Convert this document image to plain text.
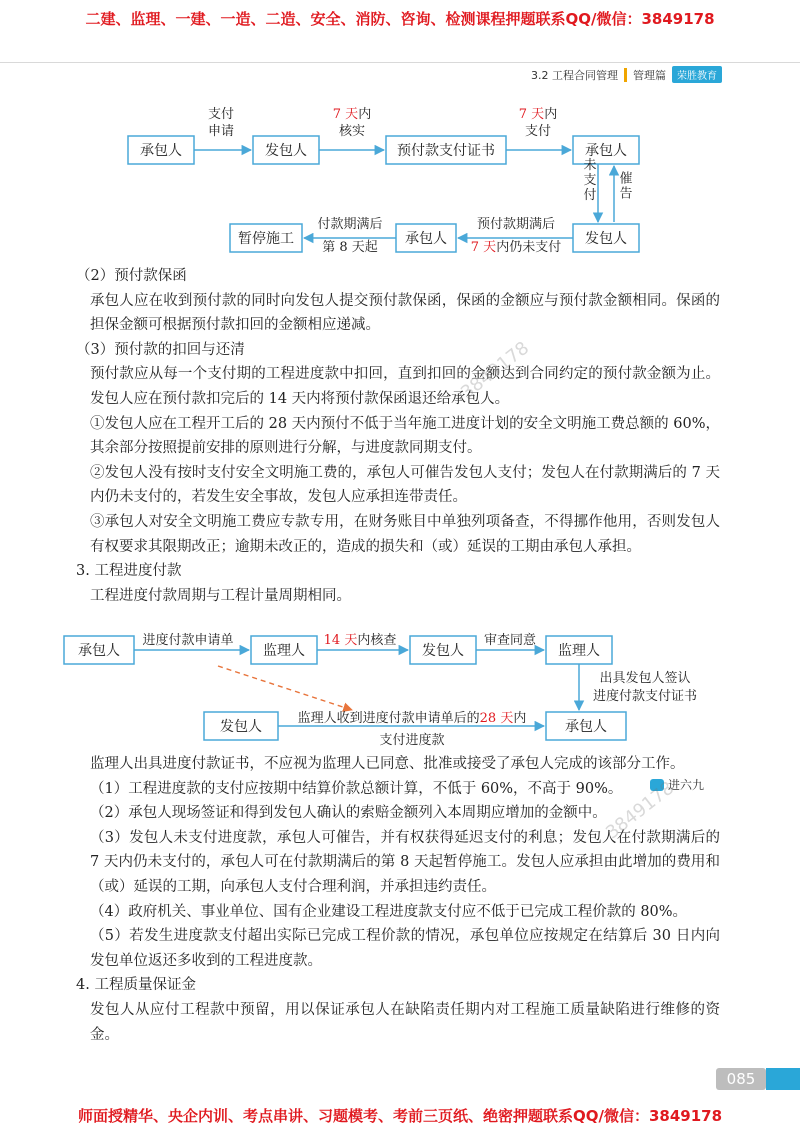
二建、监理、一建、一造、二造、安全、消防、咨询、检测课程押题联系QQ/微信：3849178
3.2 工程合同管理 管理篇	荣胜教育
承包人	发包人	预付款支付证书	承包人
发包人
承包人
暂停施工
支付
申请
7 天内
核实
7 天内
支付
未支付 催告
预付款期满后
7 天内仍未支付
付款期满后
第 8 天起

（2）预付款保函

承包人应在收到预付款的同时向发包人提交预付款保函，保函的金额应与预付款金额相同。保函的担保金额可根据预付款扣回的金额相应递减。

（3）预付款的扣回与还清

预付款应从每一个支付期的工程进度款中扣回，直到扣回的金额达到合同约定的预付款金额为止。发包人应在预付款扣完后的 14 天内将预付款保函退还给承包人。

①发包人应在工程开工后的 28 天内预付不低于当年施工进度计划的安全文明施工费总额的 60%，其余部分按照提前安排的原则进行分解，与进度款同期支付。

②发包人没有按时支付安全文明施工费的，承包人可催告发包人支付；发包人在付款期满后的 7 天内仍未支付的，若发生安全事故，发包人应承担连带责任。

③承包人对安全文明施工费应专款专用，在财务账目中单独列项备查，不得挪作他用，否则发包人有权要求其限期改正；逾期未改正的，造成的损失和（或）延误的工期由承包人承担。

3. 工程进度付款

工程进度付款周期与工程计量周期相同。

承包人	监理人	发包人	监理人
发包人	承包人
进度付款申请单	14 天内核查	审查同意
出具发包人签认
进度付款支付证书
监理人收到进度付款申请单后的28 天内
支付进度款

监理人出具进度付款证书，不应视为监理人已同意、批准或接受了承包人完成的该部分工作。

（1）工程进度款的支付应按期中结算价款总额计算，不低于 60%，不高于 90%。

（2）承包人现场签证和得到发包人确认的索赔金额列入本周期应增加的金额中。

（3）发包人未支付进度款，承包人可催告，并有权获得延迟支付的利息；发包人在付款期满后的 7 天内仍未支付的，承包人可在付款期满后的第 8 天起暂停施工。发包人应承担由此增加的费用和（或）延误的工期，向承包人支付合理利润，并承担违约责任。

（4）政府机关、事业单位、国有企业建设工程进度款支付应不低于已完成工程价款的 80%。

（5）若发生进度款支付超出实际已完成工程价款的情况，承包单位应按规定在结算后 30 日内向发包单位返还多收到的工程进度款。

4. 工程质量保证金

发包人从应付工程款中预留，用以保证承包人在缺陷责任期内对工程施工质量缺陷进行维修的资金。

进六九
3849178
3849178
085
师面授精华、央企内训、考点串讲、习题模考、考前三页纸、绝密押题联系QQ/微信：3849178
